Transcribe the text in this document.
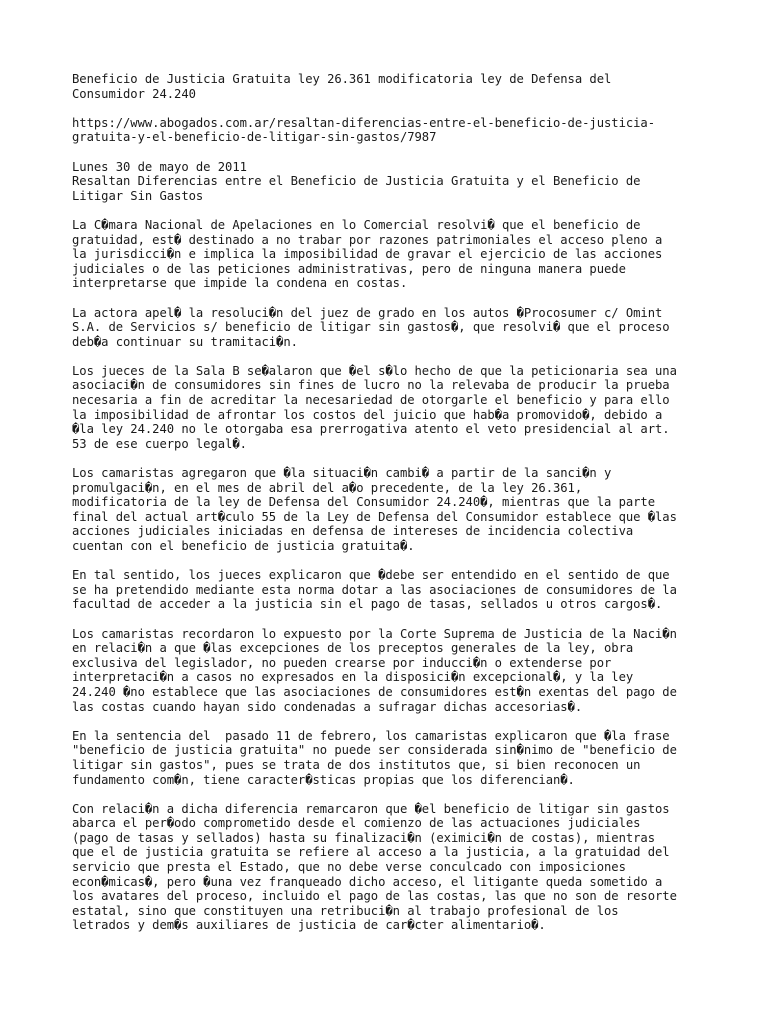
Beneficio de Justicia Gratuita ley 26.361 modificatoria ley de Defensa del
Consumidor 24.240

https://www.abogados.com.ar/resaltan-diferencias-entre-el-beneficio-de-justicia-
gratuita-y-el-beneficio-de-litigar-sin-gastos/7987

Lunes 30 de mayo de 2011
Resaltan Diferencias entre el Beneficio de Justicia Gratuita y el Beneficio de
Litigar Sin Gastos

La C�mara Nacional de Apelaciones en lo Comercial resolvi� que el beneficio de
gratuidad, est� destinado a no trabar por razones patrimoniales el acceso pleno a
la jurisdicci�n e implica la imposibilidad de gravar el ejercicio de las acciones
judiciales o de las peticiones administrativas, pero de ninguna manera puede
interpretarse que impide la condena en costas.

La actora apel� la resoluci�n del juez de grado en los autos �Procosumer c/ Omint
S.A. de Servicios s/ beneficio de litigar sin gastos�, que resolvi� que el proceso
deb�a continuar su tramitaci�n.

Los jueces de la Sala B se�alaron que �el s�lo hecho de que la peticionaria sea una
asociaci�n de consumidores sin fines de lucro no la relevaba de producir la prueba
necesaria a fin de acreditar la necesariedad de otorgarle el beneficio y para ello
la imposibilidad de afrontar los costos del juicio que hab�a promovido�, debido a
�la ley 24.240 no le otorgaba esa prerrogativa atento el veto presidencial al art.
53 de ese cuerpo legal�.

Los camaristas agregaron que �la situaci�n cambi� a partir de la sanci�n y
promulgaci�n, en el mes de abril del a�o precedente, de la ley 26.361,
modificatoria de la ley de Defensa del Consumidor 24.240�, mientras que la parte
final del actual art�culo 55 de la Ley de Defensa del Consumidor establece que �las
acciones judiciales iniciadas en defensa de intereses de incidencia colectiva
cuentan con el beneficio de justicia gratuita�.

En tal sentido, los jueces explicaron que �debe ser entendido en el sentido de que
se ha pretendido mediante esta norma dotar a las asociaciones de consumidores de la
facultad de acceder a la justicia sin el pago de tasas, sellados u otros cargos�.

Los camaristas recordaron lo expuesto por la Corte Suprema de Justicia de la Naci�n
en relaci�n a que �las excepciones de los preceptos generales de la ley, obra
exclusiva del legislador, no pueden crearse por inducci�n o extenderse por
interpretaci�n a casos no expresados en la disposici�n excepcional�, y la ley
24.240 �no establece que las asociaciones de consumidores est�n exentas del pago de
las costas cuando hayan sido condenadas a sufragar dichas accesorias�.

En la sentencia del  pasado 11 de febrero, los camaristas explicaron que �la frase
"beneficio de justicia gratuita" no puede ser considerada sin�nimo de "beneficio de
litigar sin gastos", pues se trata de dos institutos que, si bien reconocen un
fundamento com�n, tiene caracter�sticas propias que los diferencian�.

Con relaci�n a dicha diferencia remarcaron que �el beneficio de litigar sin gastos
abarca el per�odo comprometido desde el comienzo de las actuaciones judiciales
(pago de tasas y sellados) hasta su finalizaci�n (eximici�n de costas), mientras
que el de justicia gratuita se refiere al acceso a la justicia, a la gratuidad del
servicio que presta el Estado, que no debe verse conculcado con imposiciones
econ�micas�, pero �una vez franqueado dicho acceso, el litigante queda sometido a
los avatares del proceso, incluido el pago de las costas, las que no son de resorte
estatal, sino que constituyen una retribuci�n al trabajo profesional de los
letrados y dem�s auxiliares de justicia de car�cter alimentario�.
